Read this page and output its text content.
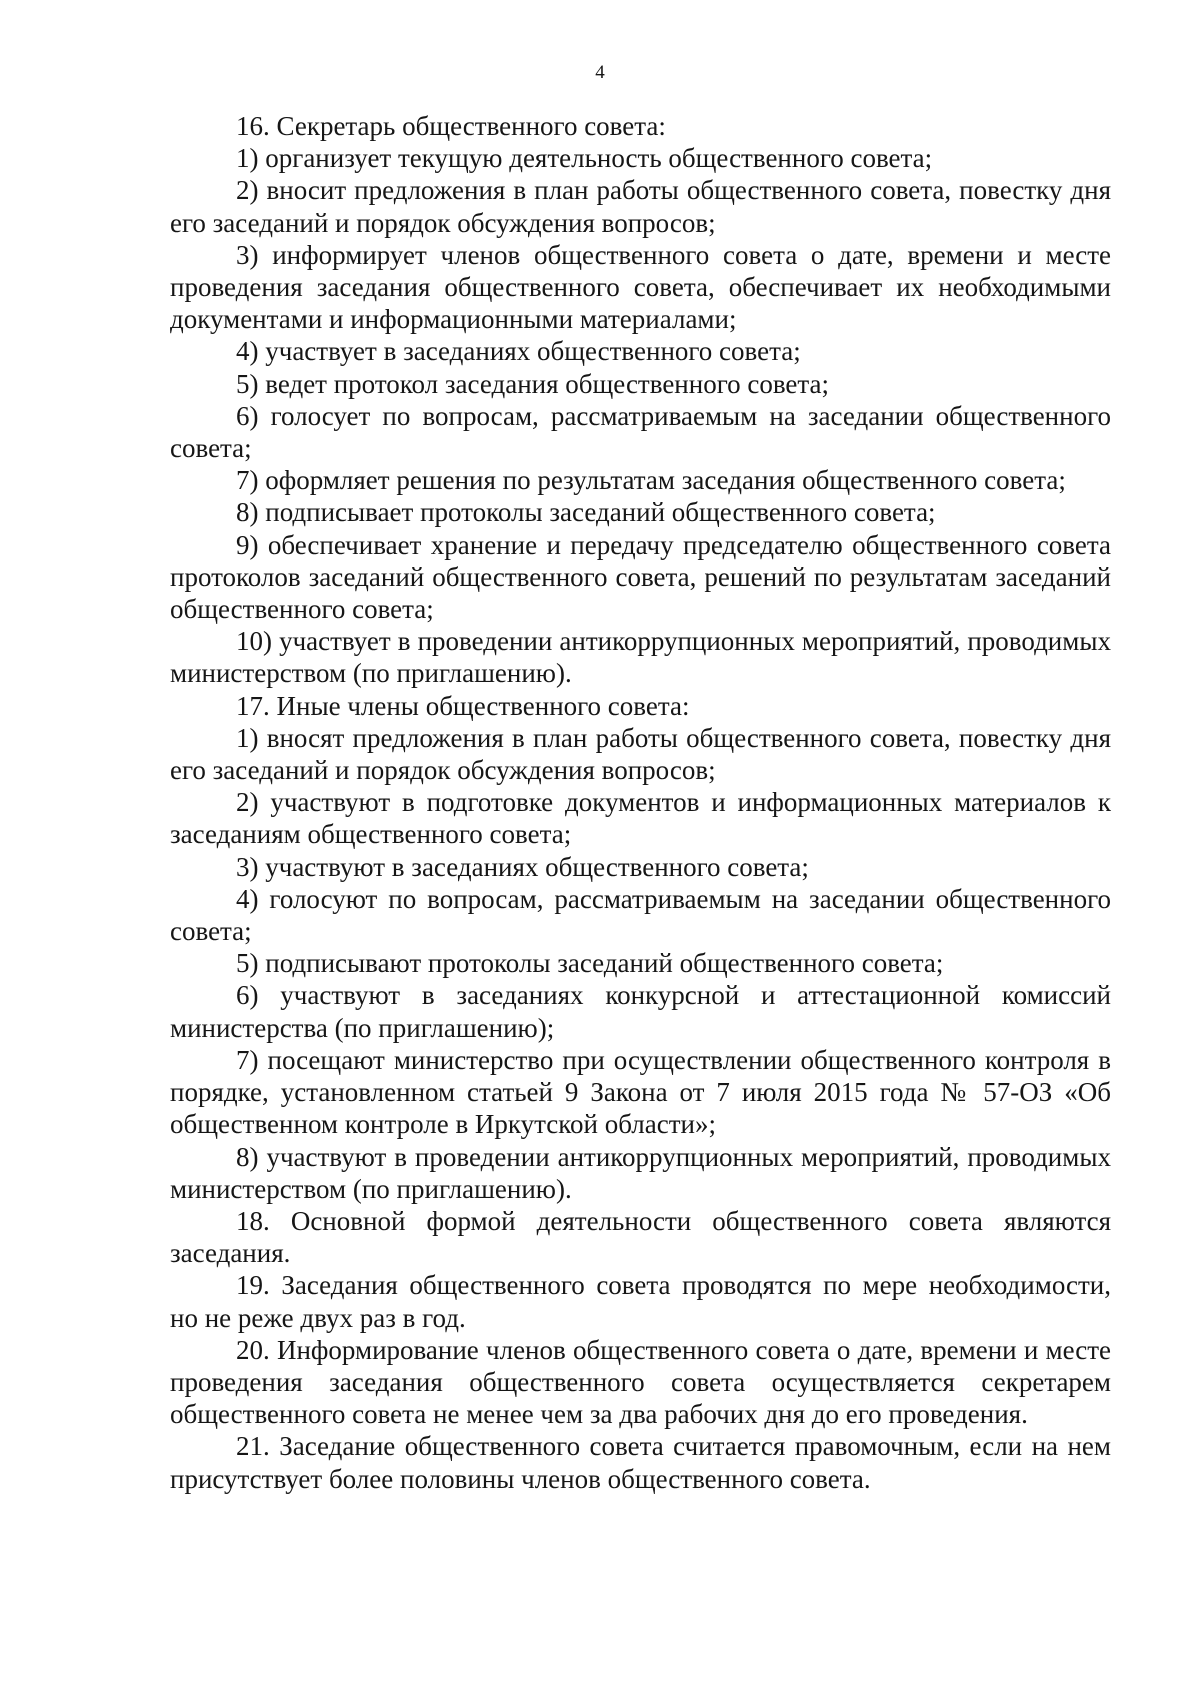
4

16. Секретарь общественного совета:

1) организует текущую деятельность общественного совета;

2) вносит предложения в план работы общественного совета, повестку дня его заседаний и порядок обсуждения вопросов;

3) информирует членов общественного совета о дате, времени и месте проведения заседания общественного совета, обеспечивает их необходимыми документами и информационными материалами;

4) участвует в заседаниях общественного совета;

5) ведет протокол заседания общественного совета;

6) голосует по вопросам, рассматриваемым на заседании общественного совета;

7) оформляет решения по результатам заседания общественного совета;

8) подписывает протоколы заседаний общественного совета;

9) обеспечивает хранение и передачу председателю общественного совета протоколов заседаний общественного совета, решений по результатам заседаний общественного совета;

10) участвует в проведении антикоррупционных мероприятий, проводимых министерством (по приглашению).

17. Иные члены общественного совета:

1) вносят предложения в план работы общественного совета, повестку дня его заседаний и порядок обсуждения вопросов;

2) участвуют в подготовке документов и информационных материалов к заседаниям общественного совета;

3) участвуют в заседаниях общественного совета;

4) голосуют по вопросам, рассматриваемым на заседании общественного совета;

5) подписывают протоколы заседаний общественного совета;

6) участвуют в заседаниях конкурсной и аттестационной комиссий министерства (по приглашению);

7) посещают министерство при осуществлении общественного контроля в порядке, установленном статьей 9 Закона от 7 июля 2015 года № 57-ОЗ «Об общественном контроле в Иркутской области»;

8) участвуют в проведении антикоррупционных мероприятий, проводимых министерством (по приглашению).

18. Основной формой деятельности общественного совета являются заседания.

19. Заседания общественного совета проводятся по мере необходимости, но не реже двух раз в год.

20. Информирование членов общественного совета о дате, времени и месте проведения заседания общественного совета осуществляется секретарем общественного совета не менее чем за два рабочих дня до его проведения.

21. Заседание общественного совета считается правомочным, если на нем присутствует более половины членов общественного совета.
